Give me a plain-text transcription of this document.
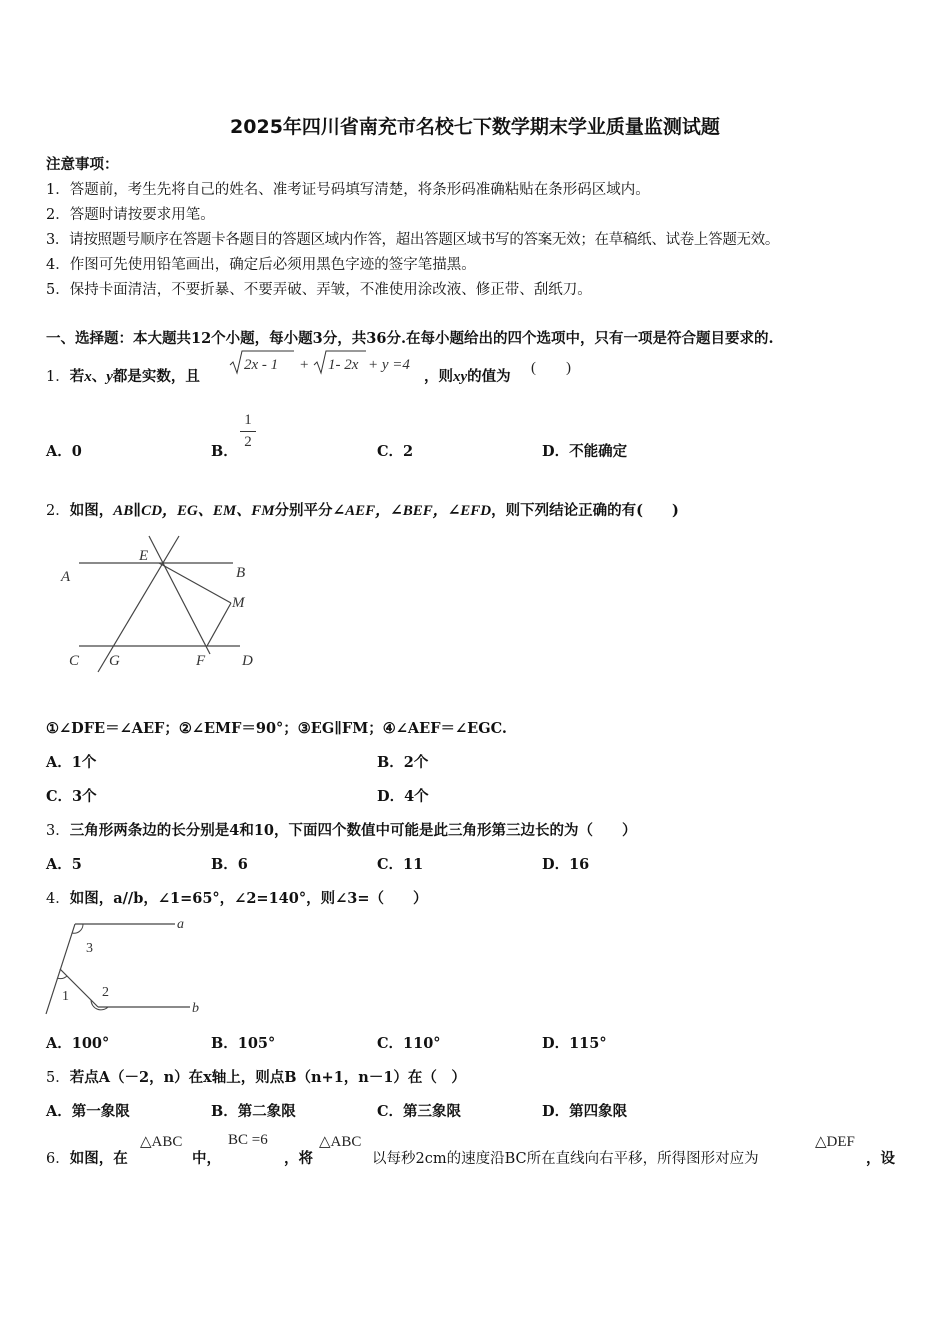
2025年四川省南充市名校七下数学期末学业质量监测试题
注意事项：
1．答题前，考生先将自己的姓名、准考证号码填写清楚，将条形码准确粘贴在条形码区域内。
2．答题时请按要求用笔。
3．请按照题号顺序在答题卡各题目的答题区域内作答，超出答题区域书写的答案无效；在草稿纸、试卷上答题无效。
4．作图可先使用铅笔画出，确定后必须用黑色字迹的签字笔描黑。
5．保持卡面清洁，不要折暴、不要弄破、弄皱，不准使用涂改液、修正带、刮纸刀。
一、选择题：本大题共12个小题，每小题3分，共36分.在每小题给出的四个选项中，只有一项是符合题目要求的.
1．若x、y都是实数，且
2x - 1 + 1- 2x + y =4
，则xy的值为 (　　)
A．0	B．
1
2
C．2	D．不能确定
2．如图，AB∥CD，EG、EM、FM分别平分∠AEF，∠BEF，∠EFD，则下列结论正确的有(　　)
A	B
E
M
C G	F D
①∠DFE＝∠AEF；②∠EMF＝90°；③EG∥FM；④∠AEF＝∠EGC.
A．1个	B．2个
C．3个	D．4个
3．三角形两条边的长分别是4和10，下面四个数值中可能是此三角形第三边长的为（　　）
A．5	B．6	C．11	D．16
4．如图，a//b，∠1=65°，∠2=140°，则∠3=（　　）
a
b
3
1 2
A．100°	B．105°	C．110°	D．115°
5．若点A（－2，n）在x轴上，则点B（n+1，n－1）在（　）
A．第一象限	B．第二象限	C．第三象限	D．第四象限
6．如图，在
△ABC
中，
BC =6
，将
△ABC
以每秒2cm的速度沿BC所在直线向右平移，所得图形对应为
△DEF
，设
